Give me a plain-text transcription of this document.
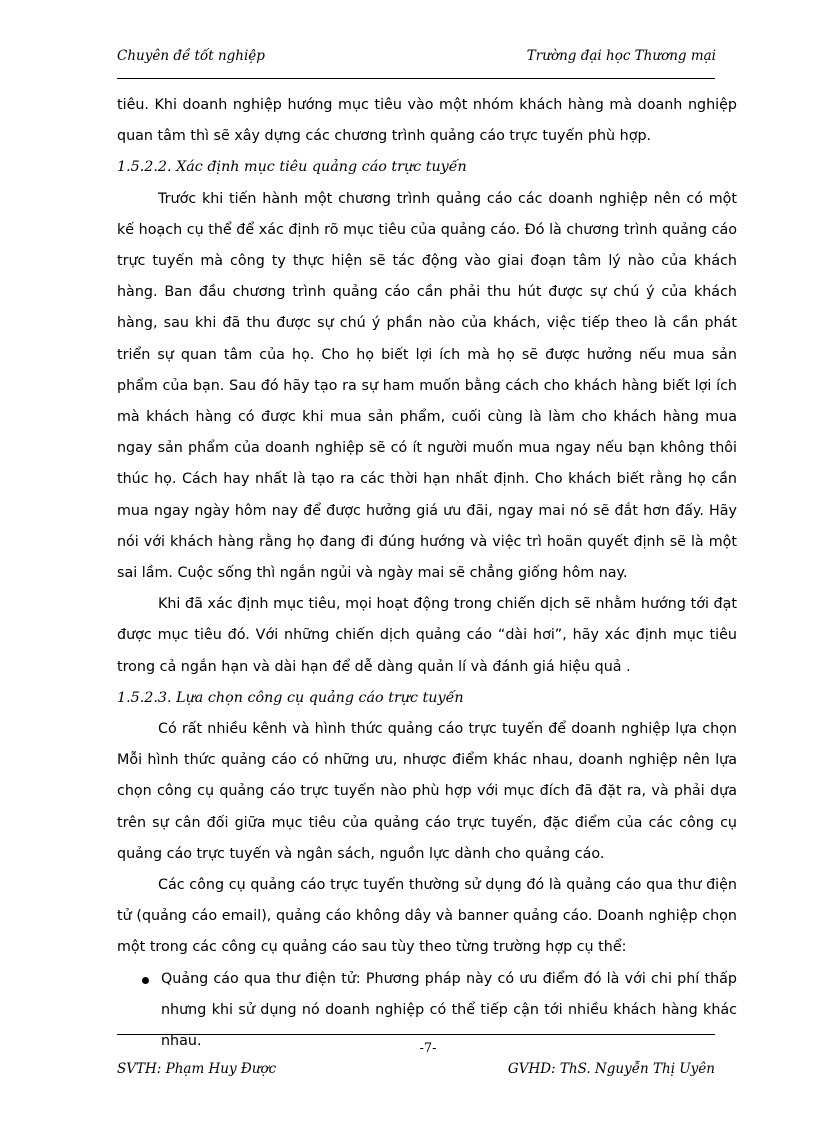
Chuyên đề tốt nghiệp	Trường đại học Thương mại

tiêu. Khi doanh nghiệp hướng mục tiêu vào một nhóm khách hàng mà doanh nghiệp quan tâm thì sẽ xây dựng các chương trình quảng cáo trực tuyến phù hợp.

1.5.2.2. Xác định mục tiêu quảng cáo trực tuyến

Trước khi tiến hành một chương trình quảng cáo các doanh nghiệp nên có một kế hoạch cụ thể để xác định rõ mục tiêu của quảng cáo. Đó là chương trình quảng cáo trực tuyến mà công ty thực hiện sẽ tác động vào giai đoạn tâm lý nào của khách hàng. Ban đầu chương trình quảng cáo cần phải thu hút được sự chú ý của khách hàng, sau khi đã thu được sự chú ý phần nào của khách, việc tiếp theo là cần phát triển sự quan tâm của họ. Cho họ biết lợi ích mà họ sẽ được hưởng nếu mua sản phẩm của bạn. Sau đó hãy tạo ra sự ham muốn bằng cách cho khách hàng biết lợi ích mà khách hàng có được khi mua sản phẩm, cuối cùng là làm cho khách hàng mua ngay sản phẩm của doanh nghiệp sẽ có ít người muốn mua ngay nếu bạn không thôi thúc họ. Cách hay nhất là tạo ra các thời hạn nhất định. Cho khách biết rằng họ cần mua ngay ngày hôm nay để được hưởng giá ưu đãi, ngay mai nó sẽ đắt hơn đấy. Hãy nói với khách hàng rằng họ đang đi đúng hướng và việc trì hoãn quyết định sẽ là một sai lầm. Cuộc sống thì ngắn ngủi và ngày mai sẽ chẳng giống hôm nay.

Khi đã xác định mục tiêu, mọi hoạt động trong chiến dịch sẽ nhằm hướng tới đạt được mục tiêu đó. Với những chiến dịch quảng cáo “dài hơi”, hãy xác định mục tiêu trong cả ngắn hạn và dài hạn để dễ dàng quản lí và đánh giá hiệu quả .

1.5.2.3. Lựa chọn công cụ quảng cáo trực tuyến

Có rất nhiều kênh và hình thức quảng cáo trực tuyến để doanh nghiệp lựa chọn Mỗi hình thức quảng cáo có những ưu, nhược điểm khác nhau, doanh nghiệp nên lựa chọn công cụ quảng cáo trực tuyến nào phù hợp với mục đích đã đặt ra, và phải dựa trên sự cân đối giữa mục tiêu của quảng cáo trực tuyến, đặc điểm của các công cụ quảng cáo trực tuyến và ngân sách, nguồn lực dành cho quảng cáo.

Các công cụ quảng cáo trực tuyến thường sử dụng đó là quảng cáo qua thư điện tử (quảng cáo email), quảng cáo không dây và banner quảng cáo. Doanh nghiệp chọn một trong các công cụ quảng cáo sau tùy theo từng trường hợp cụ thể:

Quảng cáo qua thư điện tử: Phương pháp này có ưu điểm đó là với chi phí thấp nhưng khi sử dụng nó doanh nghiệp có thể tiếp cận tới nhiều khách hàng khác nhau.	-7-
SVTH: Phạm Huy Được	GVHD: ThS. Nguyễn Thị Uyên
